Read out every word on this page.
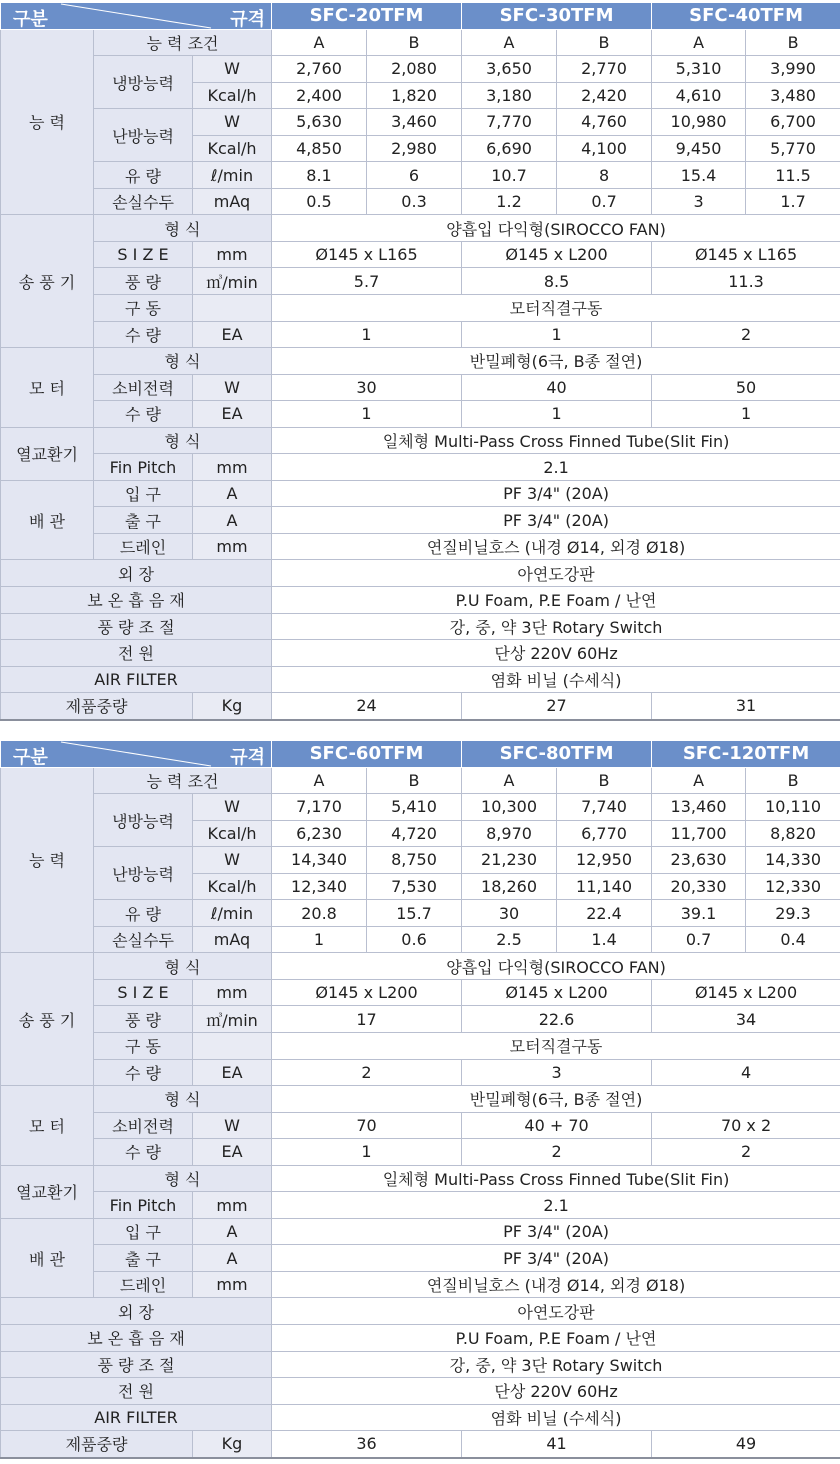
구분 규격			SFC-20TFM		SFC-30TFM		SFC-40TFM	
능 력	능 력 조건		A	B	A	B	A	B
	냉방능력	W	2,760	2,080	3,650	2,770	5,310	3,990
		Kcal/h	2,400	1,820	3,180	2,420	4,610	3,480
	난방능력	W	5,630	3,460	7,770	4,760	10,980	6,700
		Kcal/h	4,850	2,980	6,690	4,100	9,450	5,770
	유 량	ℓ/min	8.1	6	10.7	8	15.4	11.5
	손실수두	mAq	0.5	0.3	1.2	0.7	3	1.7
송 풍 기	형 식		양흡입 다익형(SIROCCO FAN)					
	S I Z E	mm	Ø145 x L165		Ø145 x L200		Ø145 x L165	
	풍 량	㎥/min	5.7		8.5		11.3	
	구 동		모터직결구동					
	수 량	EA	1		1		2	
모 터	형 식		반밀폐형(6극, B종 절연)					
	소비전력	W	30		40		50	
	수 량	EA	1		1		1	
열교환기	형 식		일체형 Multi-Pass Cross Finned Tube(Slit Fin)					
	Fin Pitch	mm	2.1					
배 관	입 구	A	PF 3/4" (20A)					
	출 구	A	PF 3/4" (20A)					
	드레인	mm	연질비닐호스 (내경 Ø14, 외경 Ø18)					
외 장			아연도강판					
보 온 흡 음 재			P.U Foam, P.E Foam / 난연					
풍 량 조 절			강, 중, 약 3단 Rotary Switch					
전 원			단상 220V 60Hz					
AIR FILTER			염화 비닐 (수세식)					
제품중량		Kg	24		27		31	
구분 규격			SFC-60TFM		SFC-80TFM		SFC-120TFM	
능 력	능 력 조건		A	B	A	B	A	B
	냉방능력	W	7,170	5,410	10,300	7,740	13,460	10,110
		Kcal/h	6,230	4,720	8,970	6,770	11,700	8,820
	난방능력	W	14,340	8,750	21,230	12,950	23,630	14,330
		Kcal/h	12,340	7,530	18,260	11,140	20,330	12,330
	유 량	ℓ/min	20.8	15.7	30	22.4	39.1	29.3
	손실수두	mAq	1	0.6	2.5	1.4	0.7	0.4
송 풍 기	형 식		양흡입 다익형(SIROCCO FAN)					
	S I Z E	mm	Ø145 x L200		Ø145 x L200		Ø145 x L200	
	풍 량	㎥/min	17		22.6		34	
	구 동		모터직결구동					
	수 량	EA	2		3		4	
모 터	형 식		반밀폐형(6극, B종 절연)					
	소비전력	W	70		40 + 70		70 x 2	
	수 량	EA	1		2		2	
열교환기	형 식		일체형 Multi-Pass Cross Finned Tube(Slit Fin)					
	Fin Pitch	mm	2.1					
배 관	입 구	A	PF 3/4" (20A)					
	출 구	A	PF 3/4" (20A)					
	드레인	mm	연질비닐호스 (내경 Ø14, 외경 Ø18)					
외 장			아연도강판					
보 온 흡 음 재			P.U Foam, P.E Foam / 난연					
풍 량 조 절			강, 중, 약 3단 Rotary Switch					
전 원			단상 220V 60Hz					
AIR FILTER			염화 비닐 (수세식)					
제품중량		Kg	36		41		49	
